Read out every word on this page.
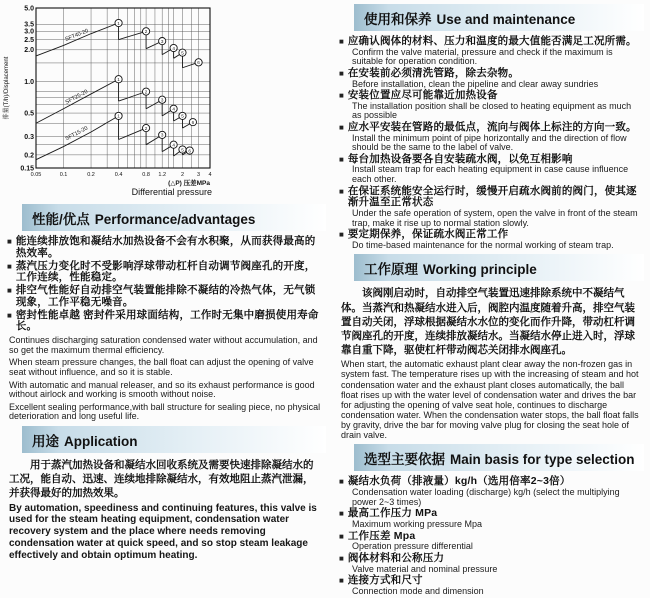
0.05	0.1	0.2	0.4	0.8 1.2	2 3 4
5.0
3.5
3.0
2.5
2.0
1.0
0.5
0.3
0.2
0.15
排量(T/h)/Displacement
(△P) 压差MPa
Differential pressure
SFT40-20
SFT25-20
SFT15-20
1
2
3
4
5
6
1
2
3
4
5
6
1
2
3
4
5 6
性能/优点 Performance/advantages
■ 能连续排放饱和凝结水加热设备不会有水积聚，从而获得最高的热效率。
■ 蒸汽压力变化时不受影响浮球带动杠杆自动调节阀座孔的开度，工作连续，性能稳定。
■ 排空气性能好自动排空气装置能排除不凝结的冷热气体，无气锁现象，工作平稳无噪音。
■ 密封性能卓越 密封件采用球面结构，工作时无集中磨损使用寿命长。

Continues discharging saturation condensed water without accumulation, and so get the maximum thermal efficiency.

When steam pressure changes, the ball float can adjust the opening of valve seat without influence, and so it is stable.

With automatic and manual releaser, and so its exhaust performance is good without airlock and working is smooth without noise.

Excellent sealing performance,with ball structure for sealing piece, no physical deterioration and long useful life.

用途 Application
用于蒸汽加热设备和凝结水回收系统及需要快速排除凝结水的工况，能自动、迅速、连续地排除凝结水，有效地阻止蒸汽泄漏，并获得最好的加热效果。
By automation, speediness and continuing features, this valve is used for the steam heating equipment, condensation water recovery system and the place where needs removing condensation water at quick speed, and so stop steam leakage effectively and obtain optimum heating.
使用和保养 Use and maintenance
■ 应确认阀体的材料、压力和温度的最大值能否满足工况所需。
Confirm the valve material, pressure and check if the maximum is suitable for operation condition.
■ 在安装前必须清洗管路，除去杂物。
Before installation, clean the pipeline and clear away sundries
■ 安装位置应尽可能靠近加热设备
The installation position shall be closed to heating equipment as much as possible
■ 应水平安装在管路的最低点，流向与阀体上标注的方向一致。
Install the minimum point of pipe horizontally and the direction of flow should be the same to the label of valve.
■ 每台加热设备要各自安装疏水阀，以免互相影响
Install steam trap for each heating equipment in case cause influence each other.
■ 在保证系统能安全运行时，缓慢开启疏水阀前的阀门，使其逐渐升温至正常状态
Under the safe operation of system, open the valve in front of the steam trap, make it rise up to normal station slowly.
■ 要定期保养，保证疏水阀正常工作
Do time-based maintenance for the normal working of steam trap.
工作原理 Working principle
该阀刚启动时，自动排空气装置迅速排除系统中不凝结气体。当蒸汽和热凝结水进入后，阀腔内温度随着升高，排空气装置自动关闭，浮球根据凝结水水位的变化而作升降，带动杠杆调节阀座孔的开度，连续排放凝结水。当凝结水停止进入时，浮球靠自重下降，驱使杠杆带动阀芯关闭排水阀座孔。
When start, the automatic exhaust plant clear away the non-frozen gas in system fast. The temperature rises up with the increasing of steam and hot condensation water and the exhaust plant closes automatically, the ball float rises up with the water level of condensation water and drives the bar for adjusting the opening of valve seat hole, continues to discharge condensation water. When the condensation water stops, the ball float falls by gravity, drive the bar for moving valve plug for closing the seat hole of drain valve.
选型主要依据 Main basis for type selection
■ 凝结水负荷（排液量）kg/h（选用倍率2~3倍）
Condensation water loading (discharge) kg/h (select the multiplying power 2~3 times)
■ 最高工作压力 MPa
Maximum working pressure Mpa
■ 工作压差 Mpa
Operation pressure differential
■ 阀体材料和公称压力
Valve material and nominal pressure
■ 连接方式和尺寸
Connection mode and dimension
